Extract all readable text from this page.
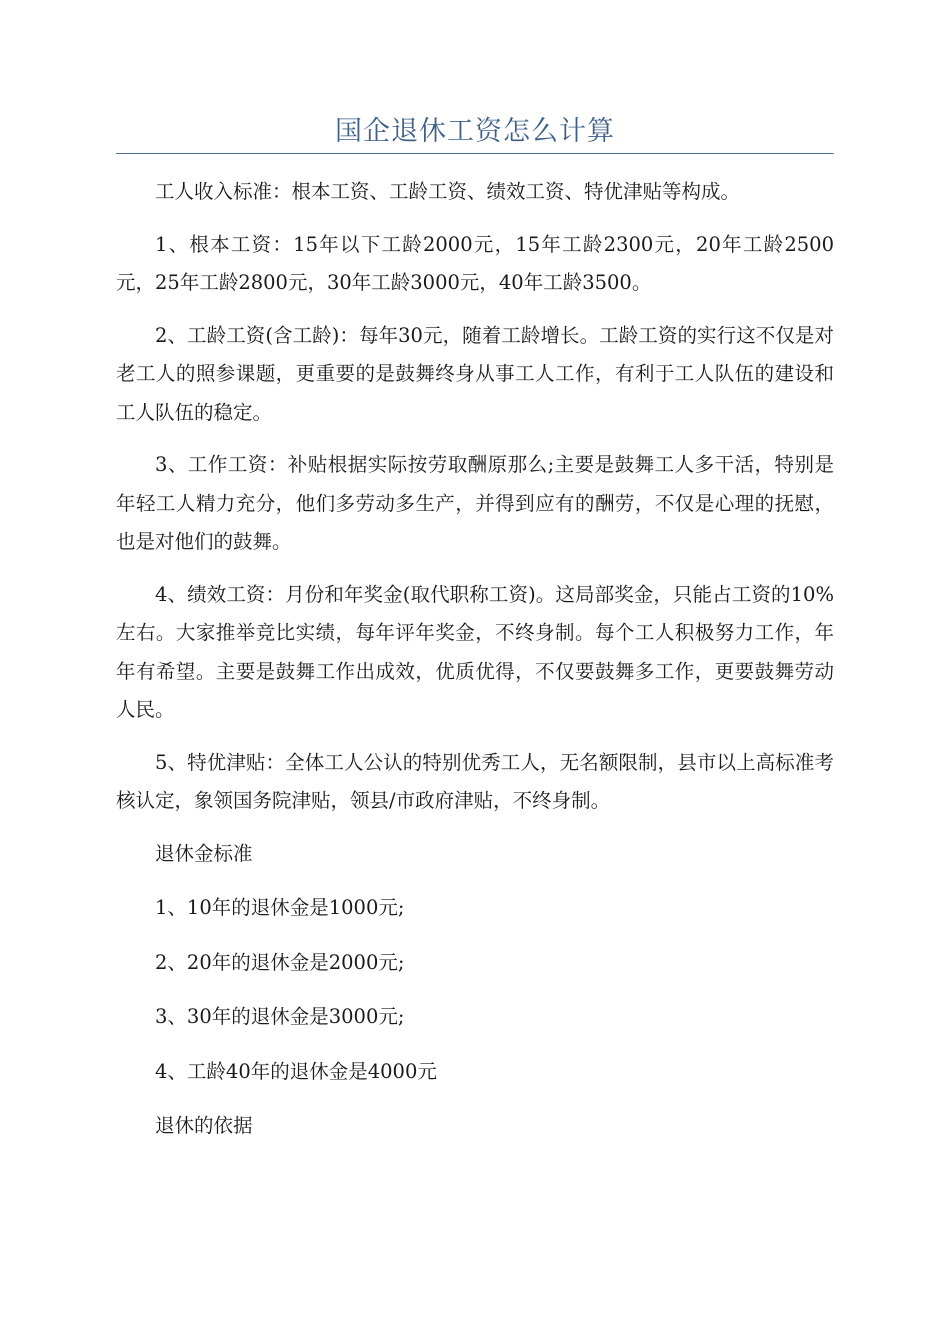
国企退休工资怎么计算

工人收入标准：根本工资、工龄工资、绩效工资、特优津贴等构成。

1、根本工资：15年以下工龄2000元，15年工龄2300元，20年工龄2500元，25年工龄2800元，30年工龄3000元，40年工龄3500。

2、工龄工资(含工龄)：每年30元，随着工龄增长。工龄工资的实行这不仅是对老工人的照参课题，更重要的是鼓舞终身从事工人工作，有利于工人队伍的建设和工人队伍的稳定。

3、工作工资：补贴根据实际按劳取酬原那么;主要是鼓舞工人多干活，特别是年轻工人精力充分，他们多劳动多生产，并得到应有的酬劳，不仅是心理的抚慰，也是对他们的鼓舞。

4、绩效工资：月份和年奖金(取代职称工资)。这局部奖金，只能占工资的10%左右。大家推举竞比实绩，每年评年奖金，不终身制。每个工人积极努力工作，年年有希望。主要是鼓舞工作出成效，优质优得，不仅要鼓舞多工作，更要鼓舞劳动人民。

5、特优津贴：全体工人公认的特别优秀工人，无名额限制，县市以上高标准考核认定，象领国务院津贴，领县/市政府津贴，不终身制。

退休金标准

1、10年的退休金是1000元;

2、20年的退休金是2000元;

3、30年的退休金是3000元;

4、工龄40年的退休金是4000元

退休的依据
